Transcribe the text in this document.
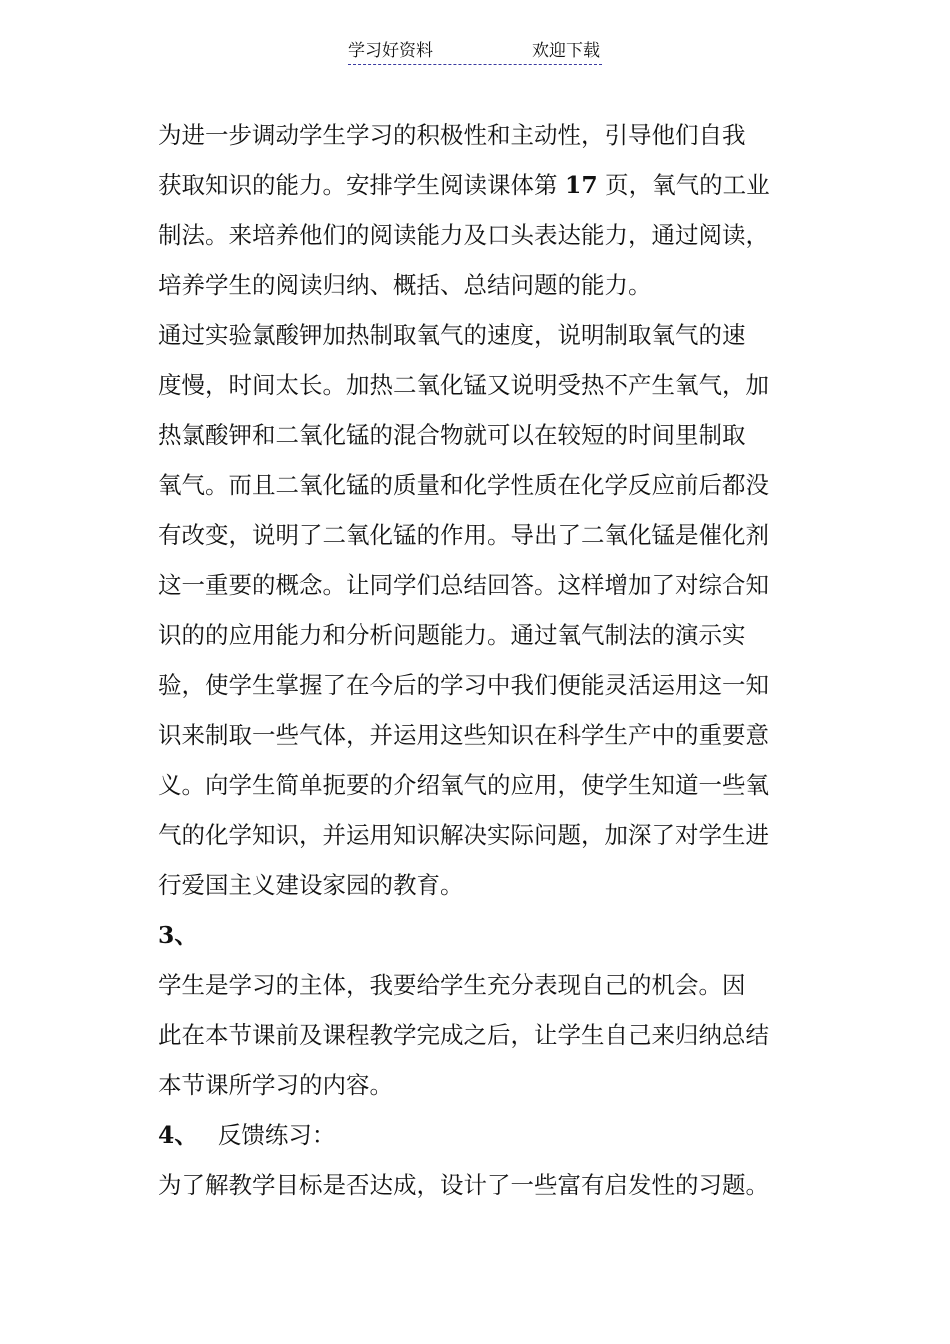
学习好资料	欢迎下载
为进一步调动学生学习的积极性和主动性，引导他们自我
获取知识的能力。安排学生阅读课体第 17 页，氧气的工业
制法。来培养他们的阅读能力及口头表达能力，通过阅读，
培养学生的阅读归纳、概括、总结问题的能力。
通过实验氯酸钾加热制取氧气的速度，说明制取氧气的速
度慢，时间太长。加热二氧化锰又说明受热不产生氧气，加
热氯酸钾和二氧化锰的混合物就可以在较短的时间里制取
氧气。而且二氧化锰的质量和化学性质在化学反应前后都没
有改变，说明了二氧化锰的作用。导出了二氧化锰是催化剂
这一重要的概念。让同学们总结回答。这样增加了对综合知
识的的应用能力和分析问题能力。通过氧气制法的演示实
验，使学生掌握了在今后的学习中我们便能灵活运用这一知
识来制取一些气体，并运用这些知识在科学生产中的重要意
义。向学生简单扼要的介绍氧气的应用，使学生知道一些氧
气的化学知识，并运用知识解决实际问题，加深了对学生进
行爱国主义建设家园的教育。
3、
学生是学习的主体，我要给学生充分表现自己的机会。因
此在本节课前及课程教学完成之后，让学生自己来归纳总结
本节课所学习的内容。
4、 反馈练习：
为了解教学目标是否达成，设计了一些富有启发性的习题。
